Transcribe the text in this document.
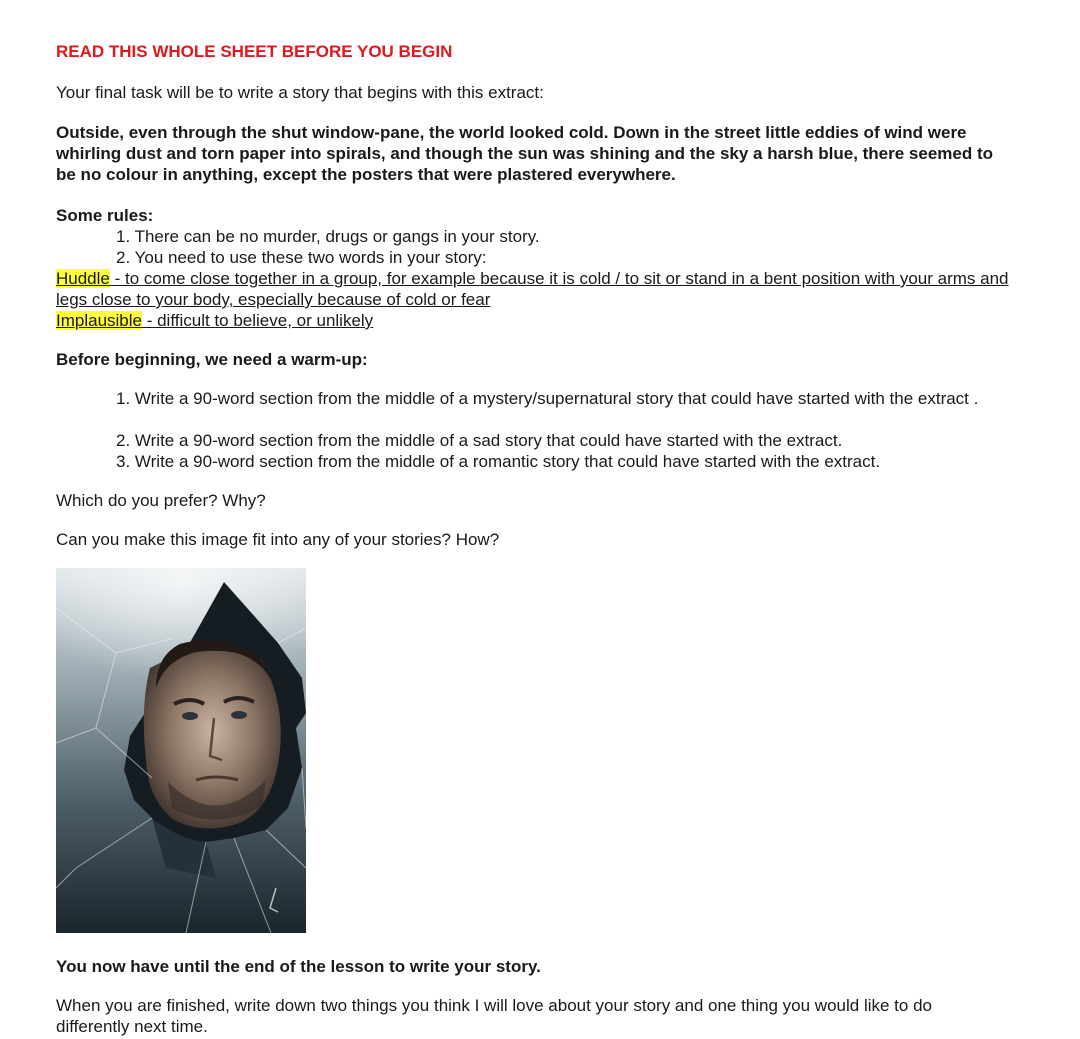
READ THIS WHOLE SHEET BEFORE YOU BEGIN

Your final task will be to write a story that begins with this extract:

Outside, even through the shut window-pane, the world looked cold. Down in the street little eddies of wind were whirling dust and torn paper into spirals, and though the sun was shining and the sky a harsh blue, there seemed to be no colour in anything, except the posters that were plastered everywhere.

Some rules:

1. There can be no murder, drugs or gangs in your story.

2. You need to use these two words in your story:

Huddle - to come close together in a group, for example because it is cold / to sit or stand in a bent position with your arms and legs close to your body, especially because of cold or fear

Implausible - difficult to believe, or unlikely

Before beginning, we need a warm-up:

1. Write a 90-word section from the middle of a mystery/supernatural story that could have started with the extract .

2. Write a 90-word section from the middle of a sad story that could have started with the extract.

3. Write a 90-word section from the middle of a romantic story that could have started with the extract.

Which do you prefer? Why?

Can you make this image fit into any of your stories? How?

You now have until the end of the lesson to write your story.

When you are finished, write down two things you think I will love about your story and one thing you would like to do differently next time.
